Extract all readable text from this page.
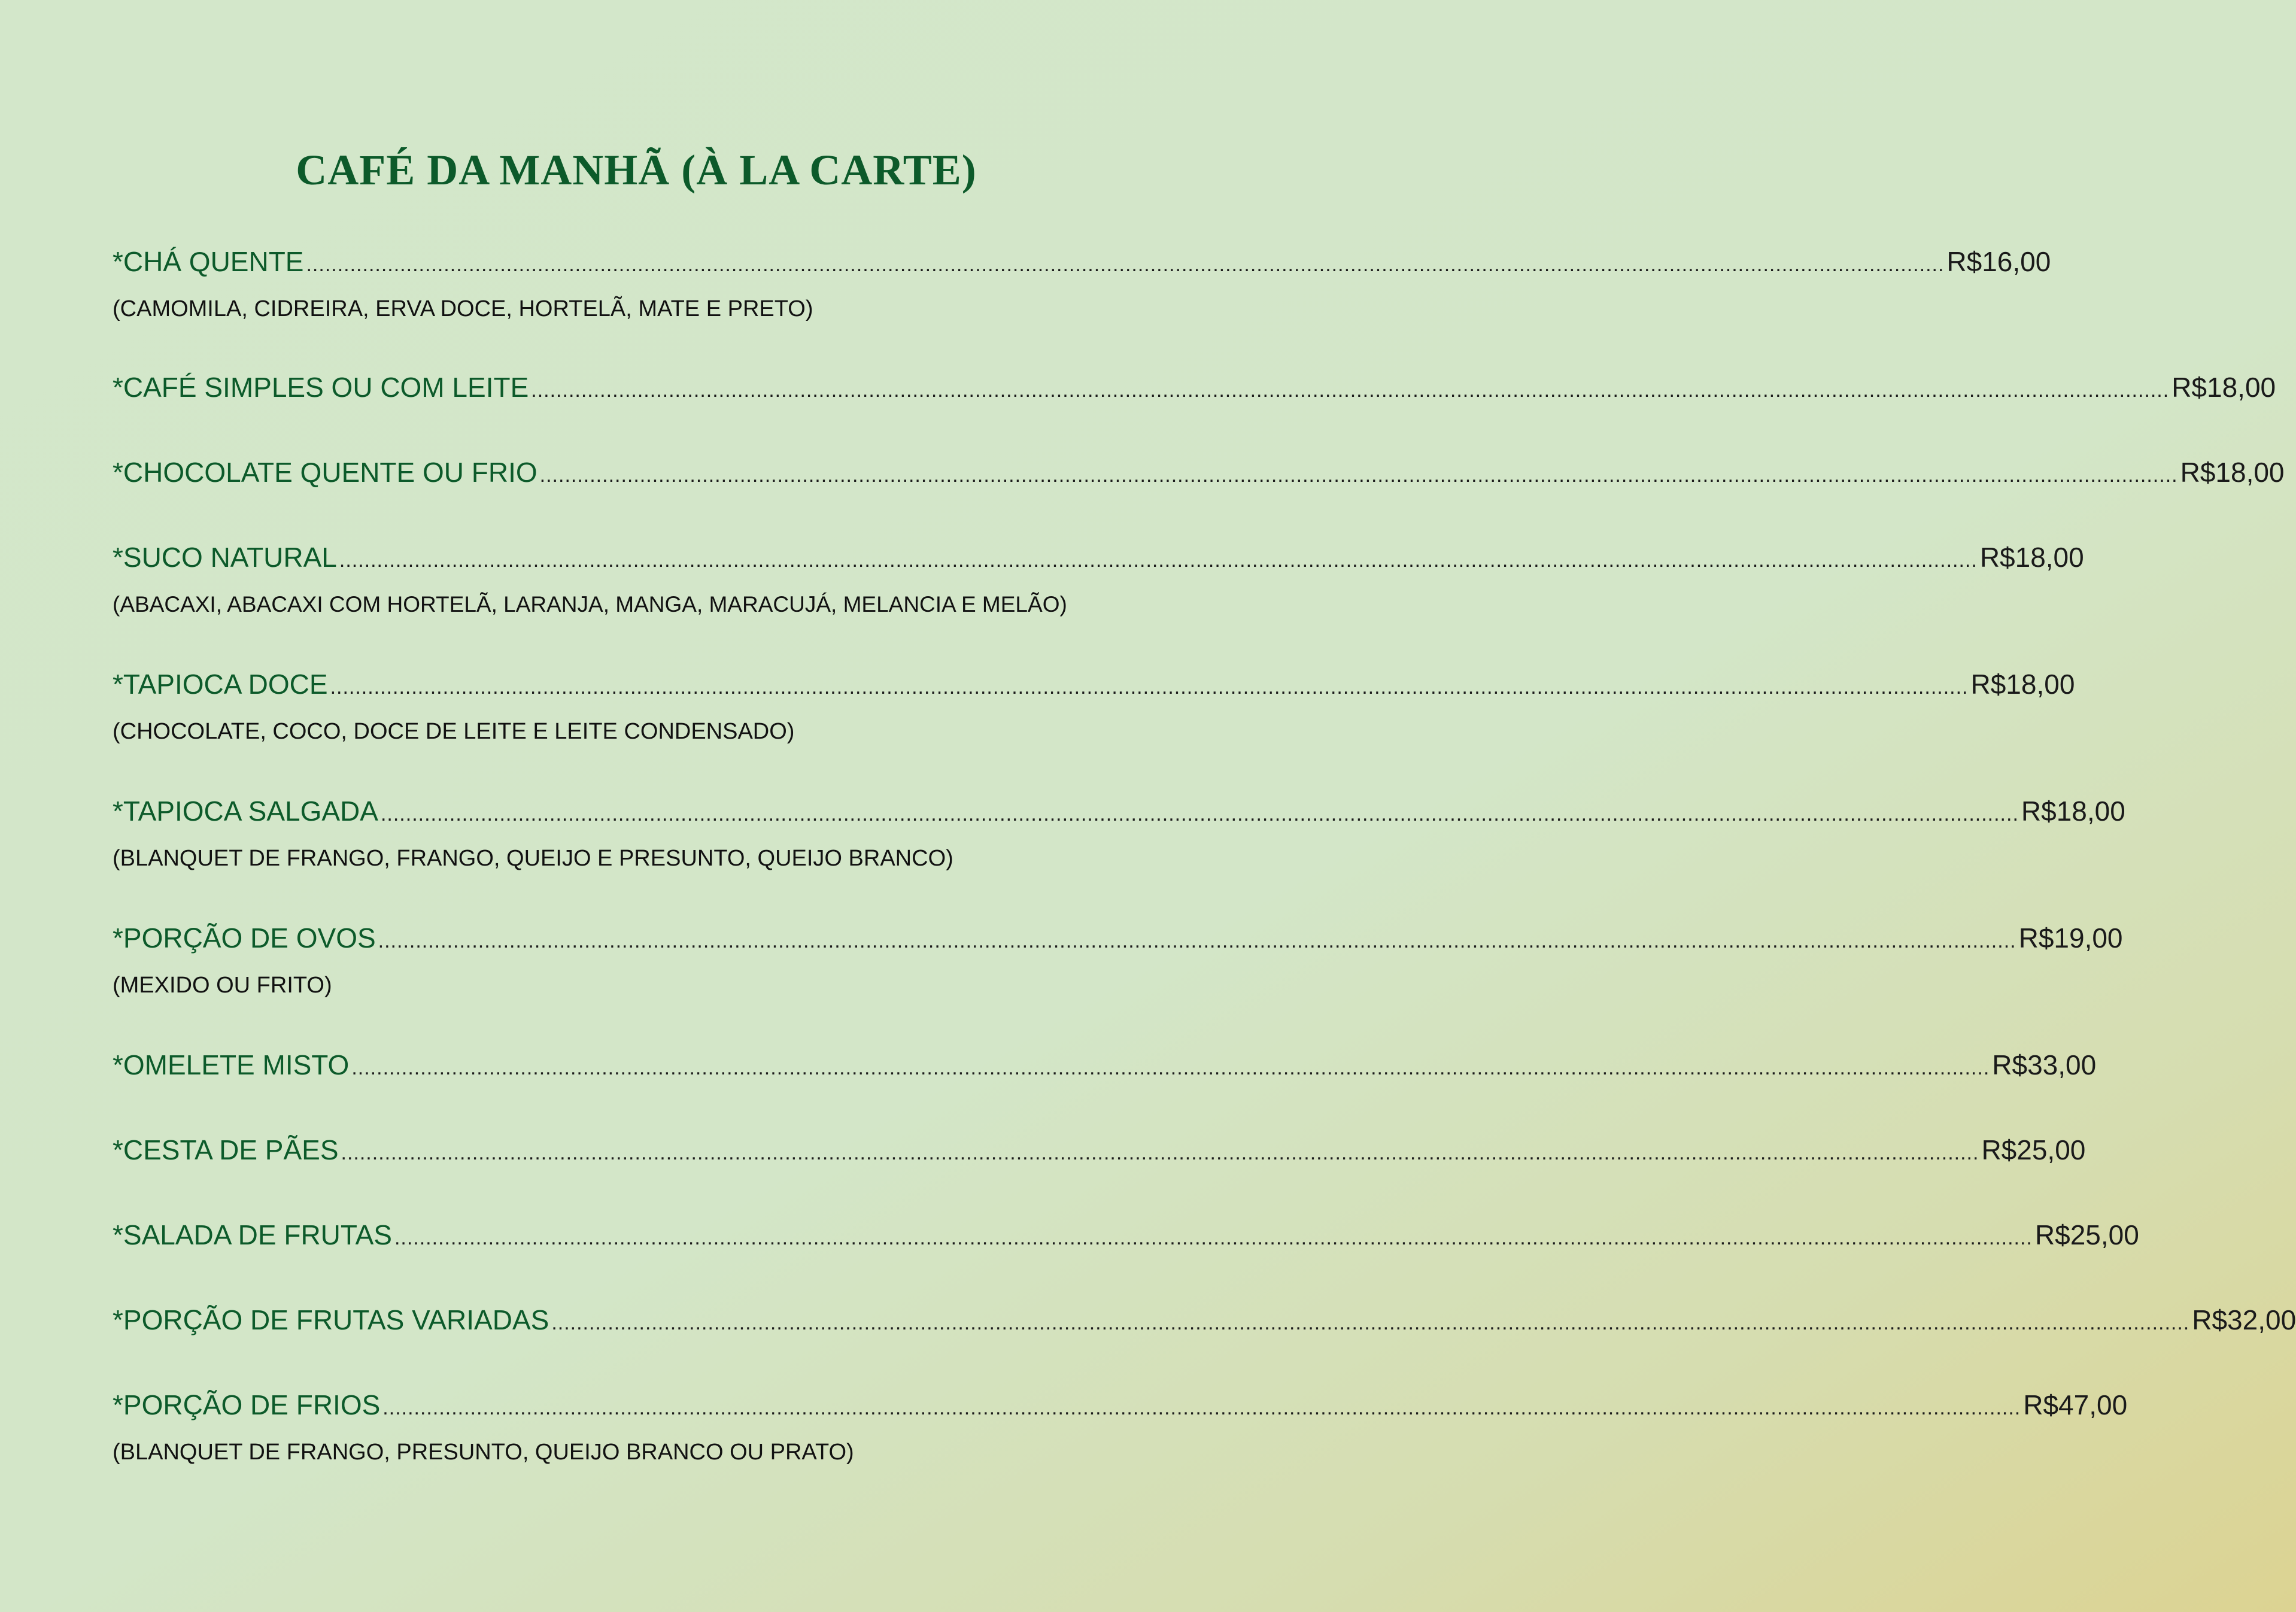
CAFÉ DA MANHÃ (À LA CARTE)
*CHÁ QUENTE ...................................................................................................................................................................................................................................................................... R$16,00
(CAMOMILA, CIDREIRA, ERVA DOCE, HORTELÃ, MATE E PRETO)
*CAFÉ SIMPLES OU COM LEITE ...................................................................................................................................................................................................................................................................... R$18,00
*CHOCOLATE QUENTE OU FRIO ...................................................................................................................................................................................................................................................................... R$18,00
*SUCO NATURAL ...................................................................................................................................................................................................................................................................... R$18,00
(ABACAXI, ABACAXI COM HORTELÃ, LARANJA, MANGA, MARACUJÁ, MELANCIA E MELÃO)
*TAPIOCA DOCE ...................................................................................................................................................................................................................................................................... R$18,00
(CHOCOLATE, COCO, DOCE DE LEITE E LEITE CONDENSADO)
*TAPIOCA SALGADA ...................................................................................................................................................................................................................................................................... R$18,00
(BLANQUET DE FRANGO, FRANGO, QUEIJO E PRESUNTO, QUEIJO BRANCO)
*PORÇÃO DE OVOS ...................................................................................................................................................................................................................................................................... R$19,00
(MEXIDO OU FRITO)
*OMELETE MISTO ...................................................................................................................................................................................................................................................................... R$33,00
*CESTA DE PÃES ...................................................................................................................................................................................................................................................................... R$25,00
*SALADA DE FRUTAS ...................................................................................................................................................................................................................................................................... R$25,00
*PORÇÃO DE FRUTAS VARIADAS ...................................................................................................................................................................................................................................................................... R$32,00
*PORÇÃO DE FRIOS ...................................................................................................................................................................................................................................................................... R$47,00
(BLANQUET DE FRANGO, PRESUNTO, QUEIJO BRANCO OU PRATO)
